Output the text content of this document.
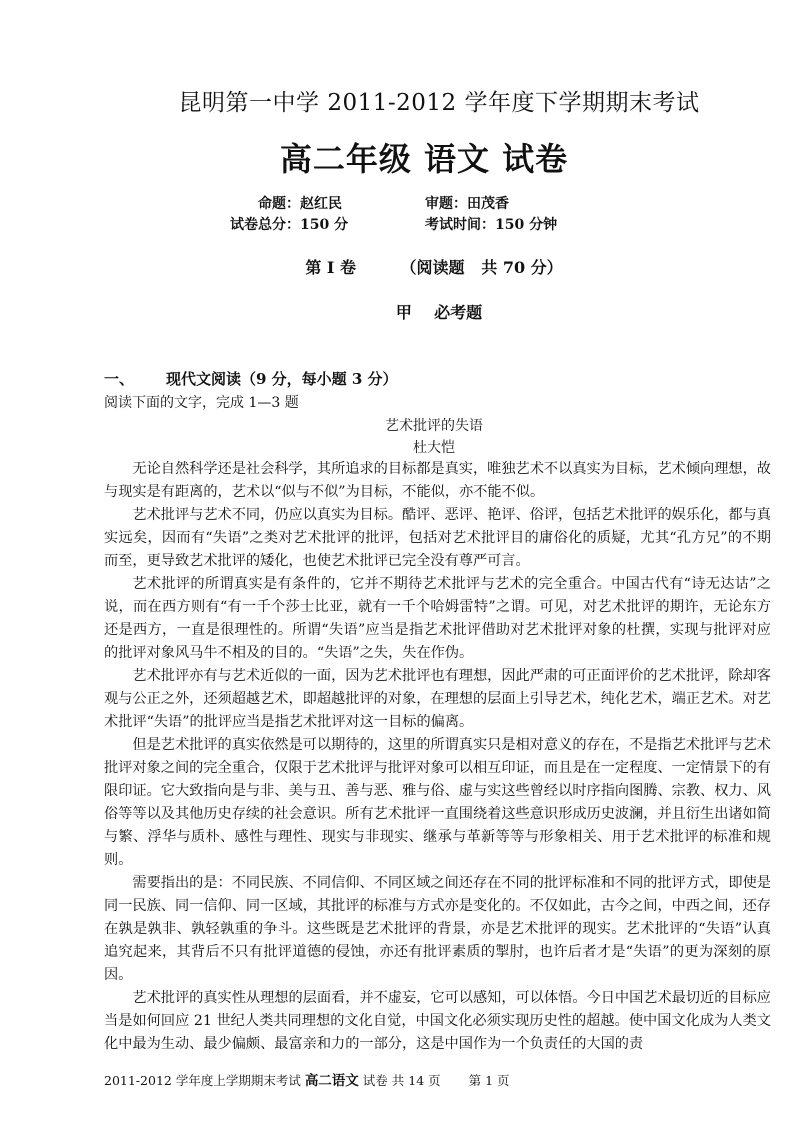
昆明第一中学 2011-2012 学年度下学期期末考试
高二年级 语文 试卷
命题：赵红民	审题：田茂香
试卷总分：150 分	考试时间：150 分钟
第 I 卷        （阅读题   共 70 分）
甲    必考题
一、 现代文阅读（9 分，每小题 3 分）
阅读下面的文字，完成 1—3 题
艺术批评的失语
杜大恺

无论自然科学还是社会科学，其所追求的目标都是真实，唯独艺术不以真实为目标，艺术倾向理想，故与现实是有距离的，艺术以“似与不似”为目标，不能似，亦不能不似。

艺术批评与艺术不同，仍应以真实为目标。酷评、恶评、艳评、俗评，包括艺术批评的娱乐化，都与真实远矣，因而有“失语”之类对艺术批评的批评，包括对艺术批评目的庸俗化的质疑，尤其“孔方兄”的不期而至，更导致艺术批评的矮化，也使艺术批评已完全没有尊严可言。

艺术批评的所谓真实是有条件的，它并不期待艺术批评与艺术的完全重合。中国古代有“诗无达诂”之说，而在西方则有“有一千个莎士比亚，就有一千个哈姆雷特”之谓。可见，对艺术批评的期许，无论东方还是西方，一直是很理性的。所谓“失语”应当是指艺术批评借助对艺术批评对象的杜撰，实现与批评对应的批评对象风马牛不相及的目的。“失语”之失，失在作伪。

艺术批评亦有与艺术近似的一面，因为艺术批评也有理想，因此严肃的可正面评价的艺术批评，除却客观与公正之外，还须超越艺术，即超越批评的对象，在理想的层面上引导艺术，纯化艺术，端正艺术。对艺术批评“失语”的批评应当是指艺术批评对这一目标的偏离。

但是艺术批评的真实依然是可以期待的，这里的所谓真实只是相对意义的存在，不是指艺术批评与艺术批评对象之间的完全重合，仅限于艺术批评与批评对象可以相互印证，而且是在一定程度、一定情景下的有限印证。它大致指向是与非、美与丑、善与恶、雅与俗、虚与实这些曾经以时序指向图腾、宗教、权力、风俗等等以及其他历史存续的社会意识。所有艺术批评一直围绕着这些意识形成历史波澜，并且衍生出诸如简与繁、浮华与质朴、感性与理性、现实与非现实、继承与革新等等与形象相关、用于艺术批评的标准和规则。

需要指出的是：不同民族、不同信仰、不同区域之间还存在不同的批评标准和不同的批评方式，即使是同一民族、同一信仰、同一区域，其批评的标准与方式亦是变化的。不仅如此，古今之间，中西之间，还存在孰是孰非、孰轻孰重的争斗。这些既是艺术批评的背景，亦是艺术批评的现实。艺术批评的“失语”认真追究起来，其背后不只有批评道德的侵蚀，亦还有批评素质的掣肘，也许后者才是“失语”的更为深刻的原因。

艺术批评的真实性从理想的层面看，并不虚妄，它可以感知，可以体悟。今日中国艺术最切近的目标应当是如何回应 21 世纪人类共同理想的文化自觉，中国文化必须实现历史性的超越。使中国文化成为人类文化中最为生动、最少偏颇、最富亲和力的一部分，这是中国作为一个负责任的大国的责

2011-2012 学年度上学期期末考试 高二语文 试卷 共 14 页 第 1 页
